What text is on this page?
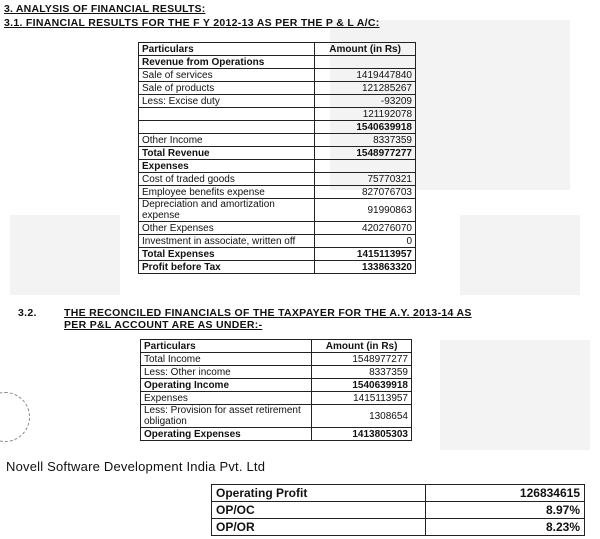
3. ANALYSIS OF FINANCIAL RESULTS:
3.1. FINANCIAL RESULTS FOR THE F Y 2012-13 AS PER THE P & L A/C:
Particulars	Amount (in Rs)
Revenue from Operations	
Sale of services	1419447840
Sale of products	121285267
Less: Excise duty	-93209
	121192078
	1540639918
Other Income	8337359
Total Revenue	1548977277
Expenses	
Cost of traded goods	75770321
Employee benefits expense	827076703
Depreciation and amortization expense	91990863
Other Expenses	420276070
Investment in associate, written off	0
Total Expenses	1415113957
Profit before Tax	133863320
3.2.	THE RECONCILED FINANCIALS OF THE TAXPAYER FOR THE A.Y. 2013-14 AS
PER P&L ACCOUNT ARE AS UNDER:-
Particulars	Amount (in Rs)
Total Income	1548977277
Less: Other income	8337359
Operating Income	1540639918
Expenses	1415113957
Less: Provision for asset retirement obligation	1308654
Operating Expenses	1413805303
Novell Software Development India Pvt. Ltd
Operating Profit	126834615
OP/OC	8.97%
OP/OR	8.23%
